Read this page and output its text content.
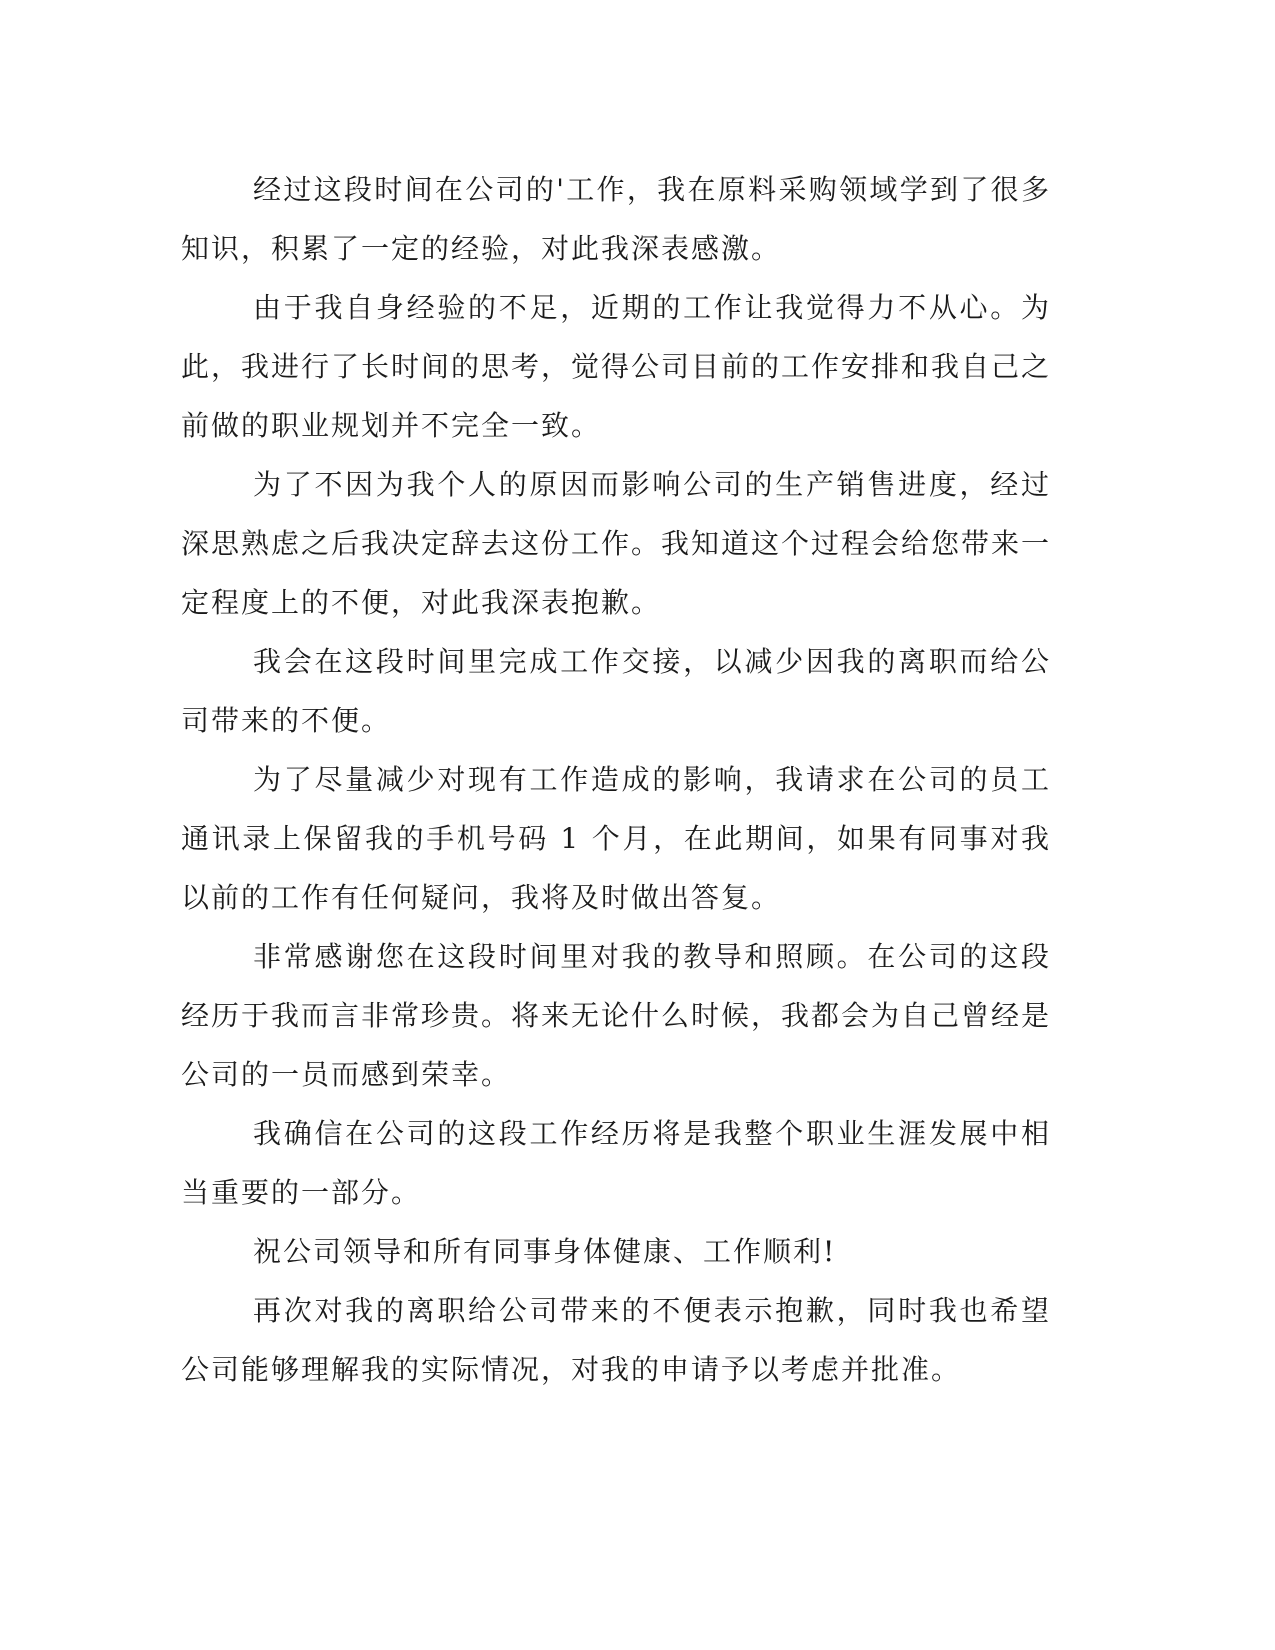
经过这段时间在公司的'工作，我在原料采购领域学到了很多知识，积累了一定的经验，对此我深表感激。

由于我自身经验的不足，近期的工作让我觉得力不从心。为此，我进行了长时间的思考，觉得公司目前的工作安排和我自己之前做的职业规划并不完全一致。

为了不因为我个人的原因而影响公司的生产销售进度，经过深思熟虑之后我决定辞去这份工作。我知道这个过程会给您带来一定程度上的不便，对此我深表抱歉。

我会在这段时间里完成工作交接，以减少因我的离职而给公司带来的不便。

为了尽量减少对现有工作造成的影响，我请求在公司的员工通讯录上保留我的手机号码 1 个月，在此期间，如果有同事对我以前的工作有任何疑问，我将及时做出答复。

非常感谢您在这段时间里对我的教导和照顾。在公司的这段经历于我而言非常珍贵。将来无论什么时候，我都会为自己曾经是公司的一员而感到荣幸。

我确信在公司的这段工作经历将是我整个职业生涯发展中相当重要的一部分。

祝公司领导和所有同事身体健康、工作顺利!

再次对我的离职给公司带来的不便表示抱歉，同时我也希望公司能够理解我的实际情况，对我的申请予以考虑并批准。
